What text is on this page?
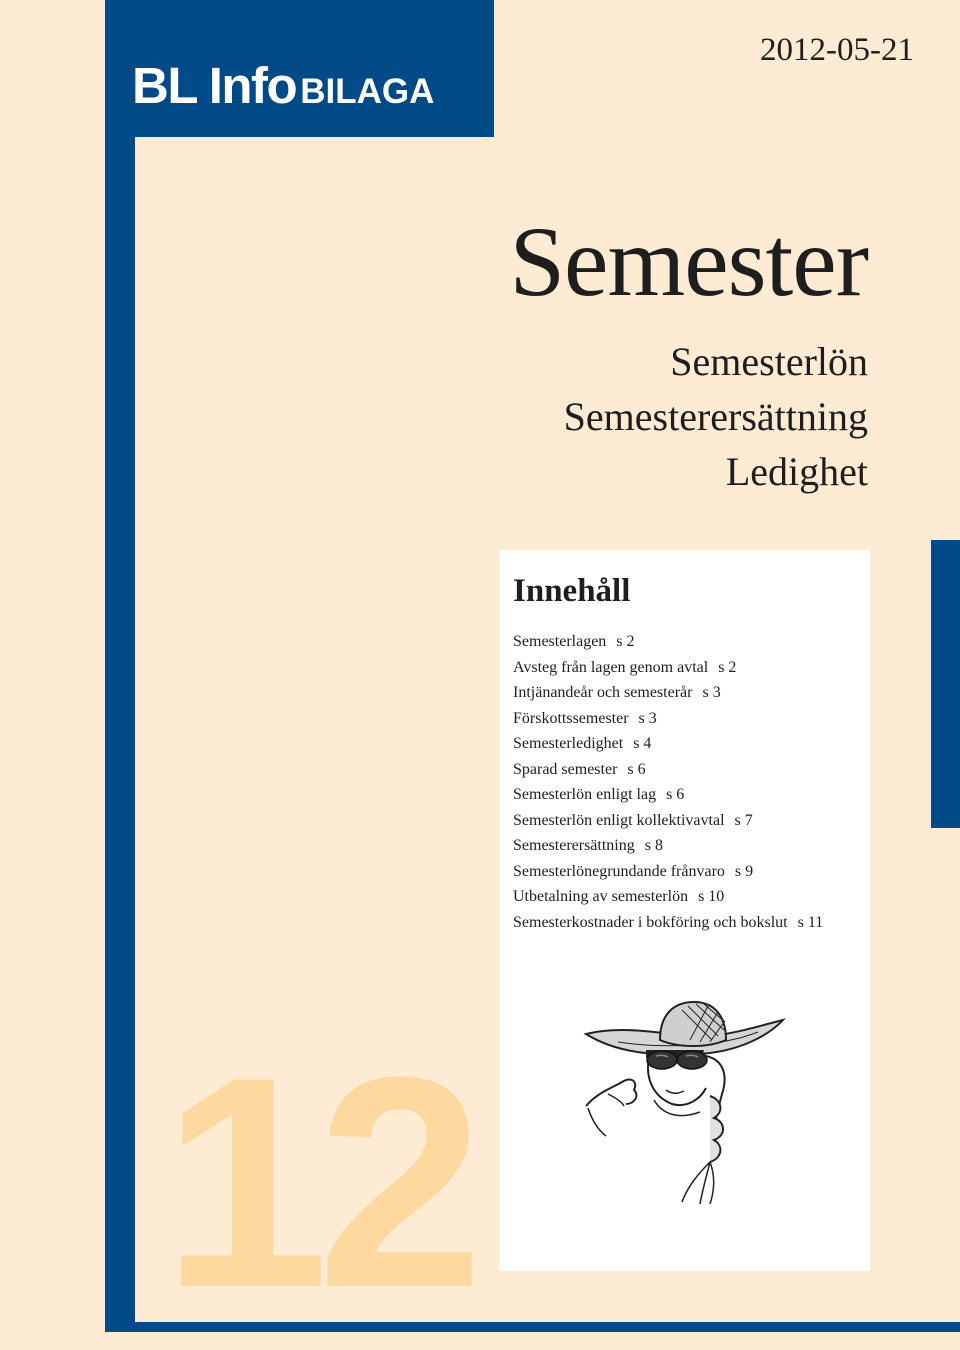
BL Info BILAGA
2012-05-21
Semester
Semesterlön
Semesterersättning
Ledighet
12
Innehåll
Semesterlagen s 2
Avsteg från lagen genom avtal s 2
Intjänandeår och semesterår s 3
Förskottssemester s 3
Semesterledighet s 4
Sparad semester s 6
Semesterlön enligt lag s 6
Semesterlön enligt kollektivavtal s 7
Semesterersättning s 8
Semesterlönegrundande frånvaro s 9
Utbetalning av semesterlön s 10
Semesterkostnader i bokföring och bokslut s 11
